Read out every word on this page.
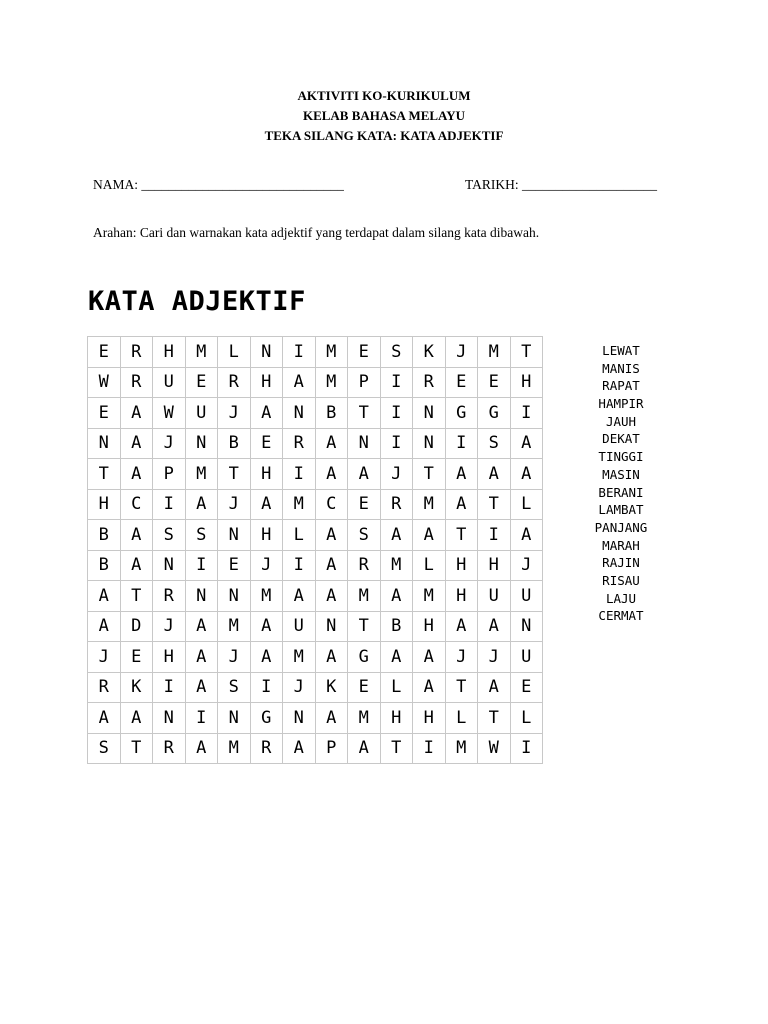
AKTIVITI KO-KURIKULUM
KELAB BAHASA MELAYU
TEKA SILANG KATA: KATA ADJEKTIF
NAMA: ______________________________	TARIKH: ____________________
Arahan: Cari dan warnakan kata adjektif yang terdapat dalam silang kata dibawah.
KATA ADJEKTIF
E	R	H	M	L	N	I	M	E	S	K	J	M	T
W	R	U	E	R	H	A	M	P	I	R	E	E	H
E	A	W	U	J	A	N	B	T	I	N	G	G	I
N	A	J	N	B	E	R	A	N	I	N	I	S	A
T	A	P	M	T	H	I	A	A	J	T	A	A	A
H	C	I	A	J	A	M	C	E	R	M	A	T	L
B	A	S	S	N	H	L	A	S	A	A	T	I	A
B	A	N	I	E	J	I	A	R	M	L	H	H	J
A	T	R	N	N	M	A	A	M	A	M	H	U	U
A	D	J	A	M	A	U	N	T	B	H	A	A	N
J	E	H	A	J	A	M	A	G	A	A	J	J	U
R	K	I	A	S	I	J	K	E	L	A	T	A	E
A	A	N	I	N	G	N	A	M	H	H	L	T	L
S	T	R	A	M	R	A	P	A	T	I	M	W	I
LEWAT
MANIS
RAPAT
HAMPIR
JAUH
DEKAT
TINGGI
MASIN
BERANI
LAMBAT
PANJANG
MARAH
RAJIN
RISAU
LAJU
CERMAT
